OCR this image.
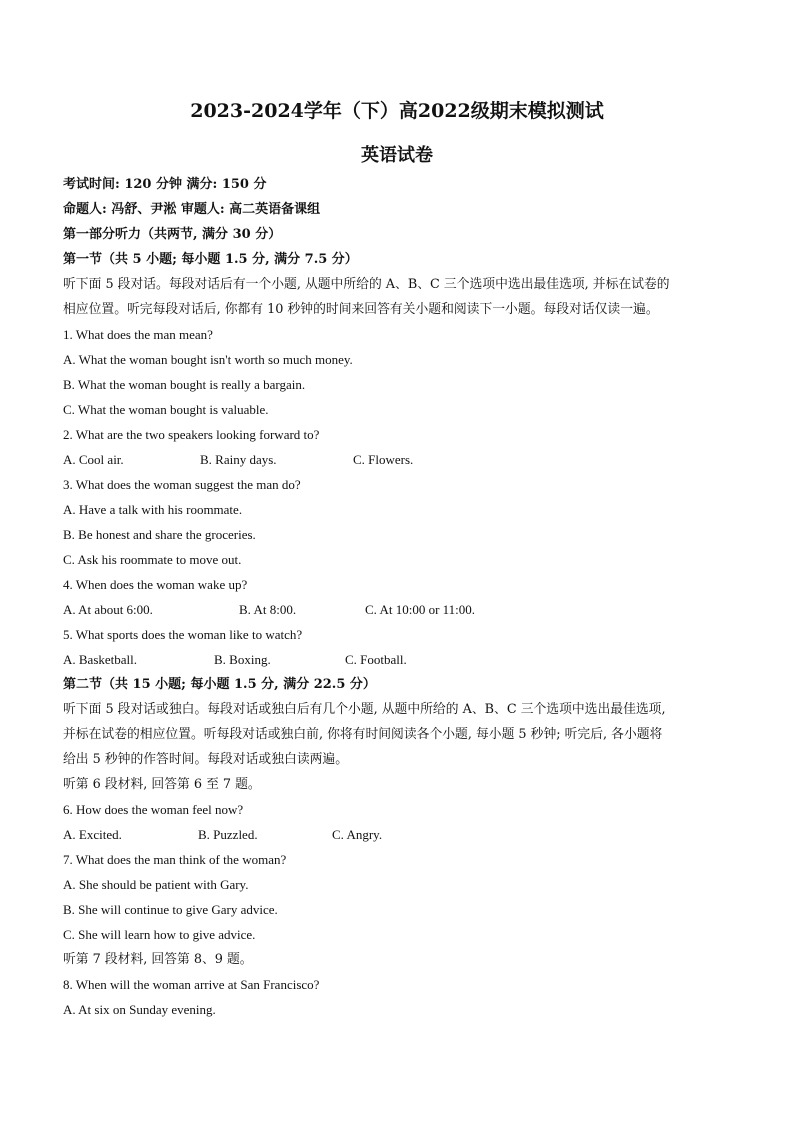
2023-2024学年（下）高2022级期末模拟测试
英语试卷
考试时间: 120 分钟 满分: 150 分
命题人: 冯舒、尹淞 审题人: 高二英语备课组
第一部分听力（共两节, 满分 30 分）
第一节（共 5 小题; 每小题 1.5 分, 满分 7.5 分）
听下面 5 段对话。每段对话后有一个小题, 从题中所给的 A、B、C 三个选项中选出最佳选项, 并标在试卷的
相应位置。听完每段对话后, 你都有 10 秒钟的时间来回答有关小题和阅读下一小题。每段对话仅读一遍。
1. What does the man mean?
A. What the woman bought isn't worth so much money.
B. What the woman bought is really a bargain.
C. What the woman bought is valuable.
2. What are the two speakers looking forward to?
A. Cool air.	B. Rainy days.	C. Flowers.
3. What does the woman suggest the man do?
A. Have a talk with his roommate.
B. Be honest and share the groceries.
C. Ask his roommate to move out.
4. When does the woman wake up?
A. At about 6:00.	B. At 8:00.	C. At 10:00 or 11:00.
5. What sports does the woman like to watch?
A. Basketball.	B. Boxing.	C. Football.
第二节（共 15 小题; 每小题 1.5 分, 满分 22.5 分）
听下面 5 段对话或独白。每段对话或独白后有几个小题, 从题中所给的 A、B、C 三个选项中选出最佳选项,
并标在试卷的相应位置。听每段对话或独白前, 你将有时间阅读各个小题, 每小题 5 秒钟; 听完后, 各小题将
给出 5 秒钟的作答时间。每段对话或独白读两遍。
听第 6 段材料, 回答第 6 至 7 题。
6. How does the woman feel now?
A. Excited.	B. Puzzled.	C. Angry.
7. What does the man think of the woman?
A. She should be patient with Gary.
B. She will continue to give Gary advice.
C. She will learn how to give advice.
听第 7 段材料, 回答第 8、9 题。
8. When will the woman arrive at San Francisco?
A. At six on Sunday evening.
